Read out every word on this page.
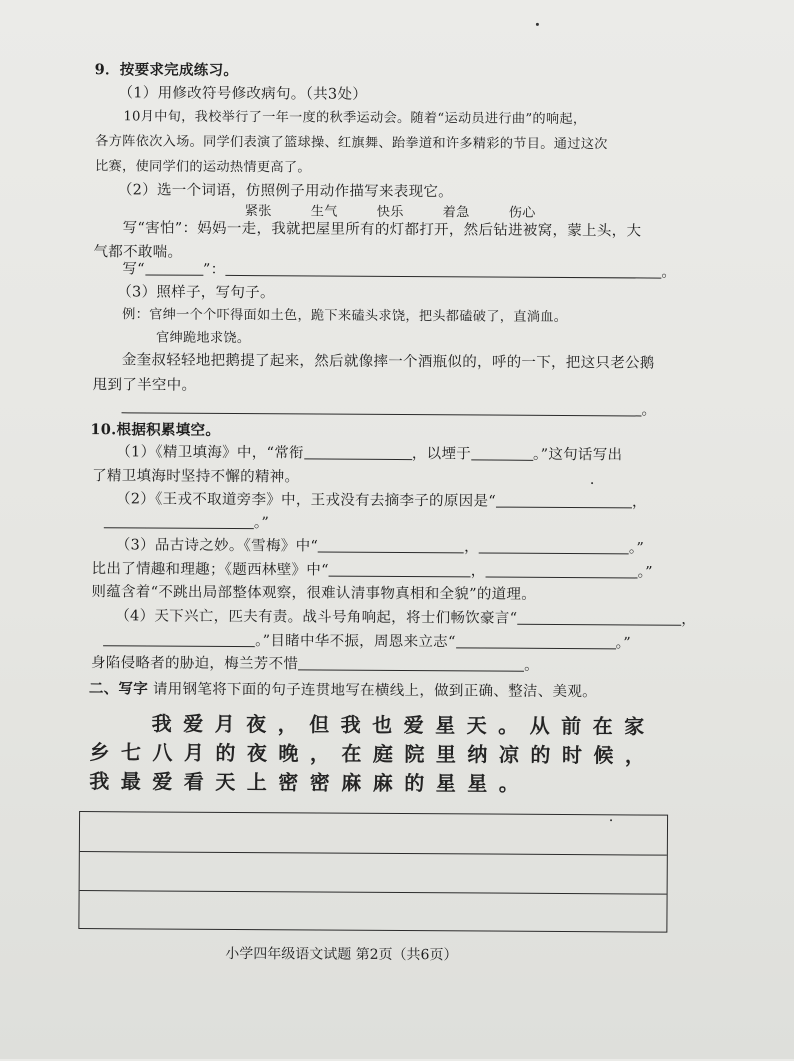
9．按要求完成练习。
（1）用修改符号修改病句。（共3处）
10月中旬，我校举行了一年一度的秋季运动会。随着“运动员进行曲”的响起，
各方阵依次入场。同学们表演了篮球操、红旗舞、跆拳道和许多精彩的节目。通过这次
比赛，使同学们的运动热情更高了。
（2）选一个词语，仿照例子用动作描写来表现它。
紧张	生气	快乐	着急	伤心
写“害怕”：妈妈一走，我就把屋里所有的灯都打开，然后钻进被窝，蒙上头，大
气都不敢喘。
写“	”：	。
（3）照样子，写句子。
例：官绅一个个吓得面如土色，跪下来磕头求饶，把头都磕破了，直淌血。
官绅跪地求饶。
金奎叔轻轻地把鹅提了起来，然后就像摔一个酒瓶似的，呼的一下，把这只老公鹅
甩到了半空中。
。
10.根据积累填空。
（1）《精卫填海》中，“常衔	，以堙于	。”这句话写出
了精卫填海时坚持不懈的精神。
（2）《王戎不取道旁李》中，王戎没有去摘李子的原因是“	，
。”
（3）品古诗之妙。《雪梅》中“	，	。”
比出了情趣和理趣；《题西林壁》中“	，	。”
则蕴含着“不跳出局部整体观察，很难认清事物真相和全貌”的道理。
（4）天下兴亡，匹夫有责。战斗号角响起，将士们畅饮豪言“	，
。”目睹中华不振，周恩来立志“	。”
身陷侵略者的胁迫，梅兰芳不惜	。
二、写字 请用钢笔将下面的句子连贯地写在横线上，做到正确、整洁、美观。
我爱月夜，但我也爱星天。从前在家
乡七八月的夜晚，在庭院里纳凉的时候，
我最爱看天上密密麻麻的星星。
小学四年级语文试题 第2页（共6页）
